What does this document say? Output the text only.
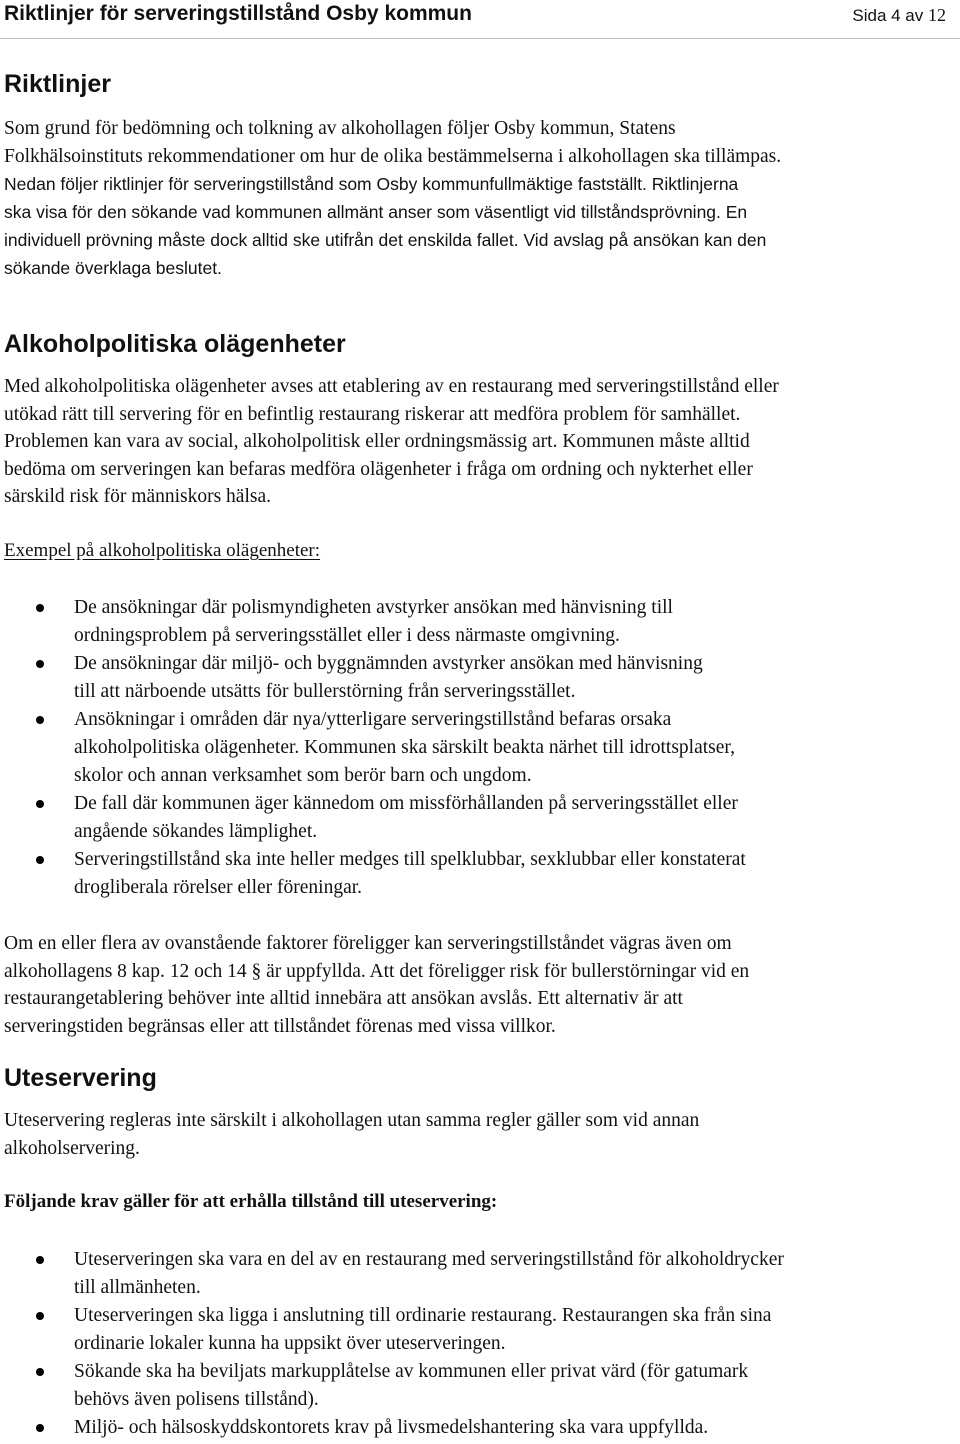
Riktlinjer för serveringstillstånd Osby kommun	Sida 4 av 12
Riktlinjer
Som grund för bedömning och tolkning av alkohollagen följer Osby kommun, Statens
Folkhälsoinstituts rekommendationer om hur de olika bestämmelserna i alkohollagen ska tillämpas.
Nedan följer riktlinjer för serveringstillstånd som Osby kommunfullmäktige fastställt. Riktlinjerna
ska visa för den sökande vad kommunen allmänt anser som väsentligt vid tillståndsprövning. En
individuell prövning måste dock alltid ske utifrån det enskilda fallet. Vid avslag på ansökan kan den
sökande överklaga beslutet.
Alkoholpolitiska olägenheter
Med alkoholpolitiska olägenheter avses att etablering av en restaurang med serveringstillstånd eller
utökad rätt till servering för en befintlig restaurang riskerar att medföra problem för samhället.
Problemen kan vara av social, alkoholpolitisk eller ordningsmässig art. Kommunen måste alltid
bedöma om serveringen kan befaras medföra olägenheter i fråga om ordning och nykterhet eller
särskild risk för människors hälsa.
Exempel på alkoholpolitiska olägenheter:
De ansökningar där polismyndigheten avstyrker ansökan med hänvisning till
ordningsproblem på serveringsstället eller i dess närmaste omgivning.
De ansökningar där miljö- och byggnämnden avstyrker ansökan med hänvisning
till att närboende utsätts för bullerstörning från serveringsstället.
Ansökningar i områden där nya/ytterligare serveringstillstånd befaras orsaka
alkoholpolitiska olägenheter. Kommunen ska särskilt beakta närhet till idrottsplatser,
skolor och annan verksamhet som berör barn och ungdom.
De fall där kommunen äger kännedom om missförhållanden på serveringsstället eller
angående sökandes lämplighet.
Serveringstillstånd ska inte heller medges till spelklubbar, sexklubbar eller konstaterat
drogliberala rörelser eller föreningar.
Om en eller flera av ovanstående faktorer föreligger kan serveringstillståndet vägras även om
alkohollagens 8 kap. 12 och 14 § är uppfyllda. Att det föreligger risk för bullerstörningar vid en
restaurangetablering behöver inte alltid innebära att ansökan avslås. Ett alternativ är att
serveringstiden begränsas eller att tillståndet förenas med vissa villkor.
Uteservering
Uteservering regleras inte särskilt i alkohollagen utan samma regler gäller som vid annan
alkoholservering.
Följande krav gäller för att erhålla tillstånd till uteservering:
Uteserveringen ska vara en del av en restaurang med serveringstillstånd för alkoholdrycker
till allmänheten.
Uteserveringen ska ligga i anslutning till ordinarie restaurang. Restaurangen ska från sina
ordinarie lokaler kunna ha uppsikt över uteserveringen.
Sökande ska ha beviljats markupplåtelse av kommunen eller privat värd (för gatumark
behövs även polisens tillstånd).
Miljö- och hälsoskyddskontorets krav på livsmedelshantering ska vara uppfyllda.
